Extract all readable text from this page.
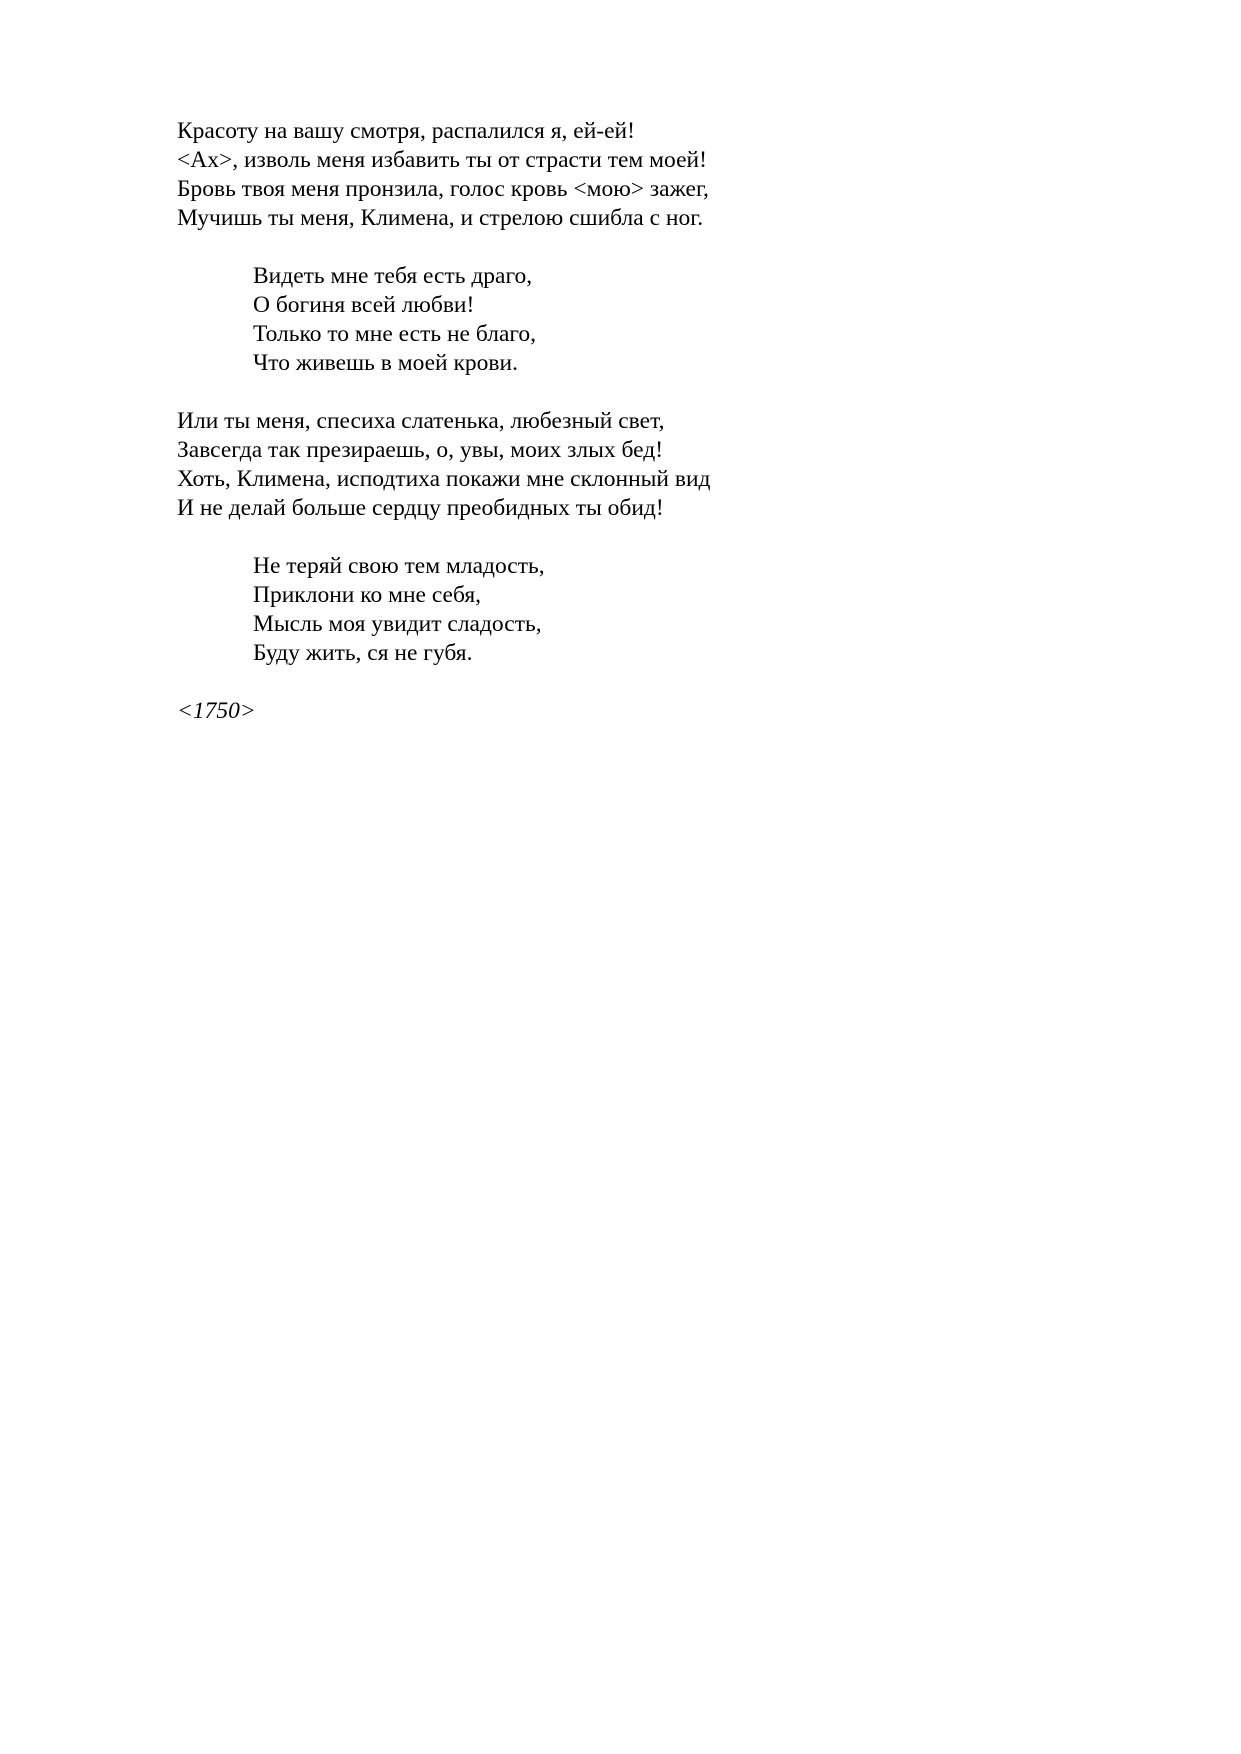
Красоту на вашу смотря, распалился я, ей-ей!
<Ах>, изволь меня избавить ты от страсти тем моей!
Бровь твоя меня пронзила, голос кровь <мою> зажег,
Мучишь ты меня, Климена, и стрелою сшибла с ног.
Видеть мне тебя есть драго,
О богиня всей любви!
Только то мне есть не благо,
Что живешь в моей крови.
Или ты меня, спесиха слатенька, любезный свет,
Завсегда так презираешь, о, увы, моих злых бед!
Хоть, Климена, исподтиха покажи мне склонный вид
И не делай больше сердцу преобидных ты обид!
Не теряй свою тем младость,
Приклони ко мне себя,
Мысль моя увидит сладость,
Буду жить, ся не губя.
<1750>
